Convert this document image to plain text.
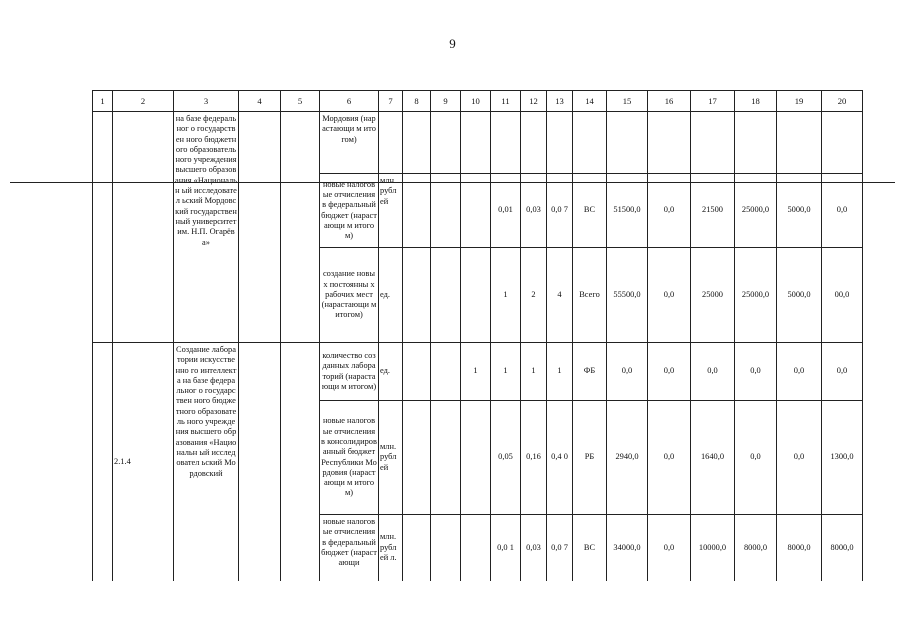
9
1	2	3	4	5	6	7	8	9	10	11	12	13	14	15	16	17	18	19	20
		на базе федеральног о государствен ного бюджетного образователь ного учреждения высшего образования «Национальн ый исследовател ьский Мордовский государствен ный университет им. Н.П. Огарёва»			Мордовия (нарастающи м итогом)														
					новые налоговые отчисления в федеральный бюджет (нарастающи м итогом)	млн. рубл ей				0,01	0,03	0,0 7	ВС	51500,0	0,0	21500	25000,0	5000,0	0,0
					создание новых постоянны х рабочих мест (нарастающи м итогом)	ед.				1	2	4	Всего	55500,0	0,0	25000	25000,0	5000,0	00,0
	2.1.4	Создание лаборатории искусственно го интеллекта на базе федеральног о государствен ного бюджетного образователь ного учреждения высшего образования «Национальн ый исследовател ьский Мордовский			количество созданных лабораторий (нарастающи м итогом)	ед.			1	1	1	1	ФБ	0,0	0,0	0,0	0,0	0,0	0,0
					новые налоговые отчисления в консолидиров анный бюджет Республики Мордовия (нарастающи м итогом)	млн. рубл ей				0,05	0,16	0,4 0	РБ	2940,0	0,0	1640,0	0,0	0,0	1300,0
					новые налоговые отчисления в федеральный бюджет (нарастающи	млн. рубл ей л.				0,0 1	0,03	0,0 7	ВС	34000,0	0,0	10000,0	8000,0	8000,0	8000,0
